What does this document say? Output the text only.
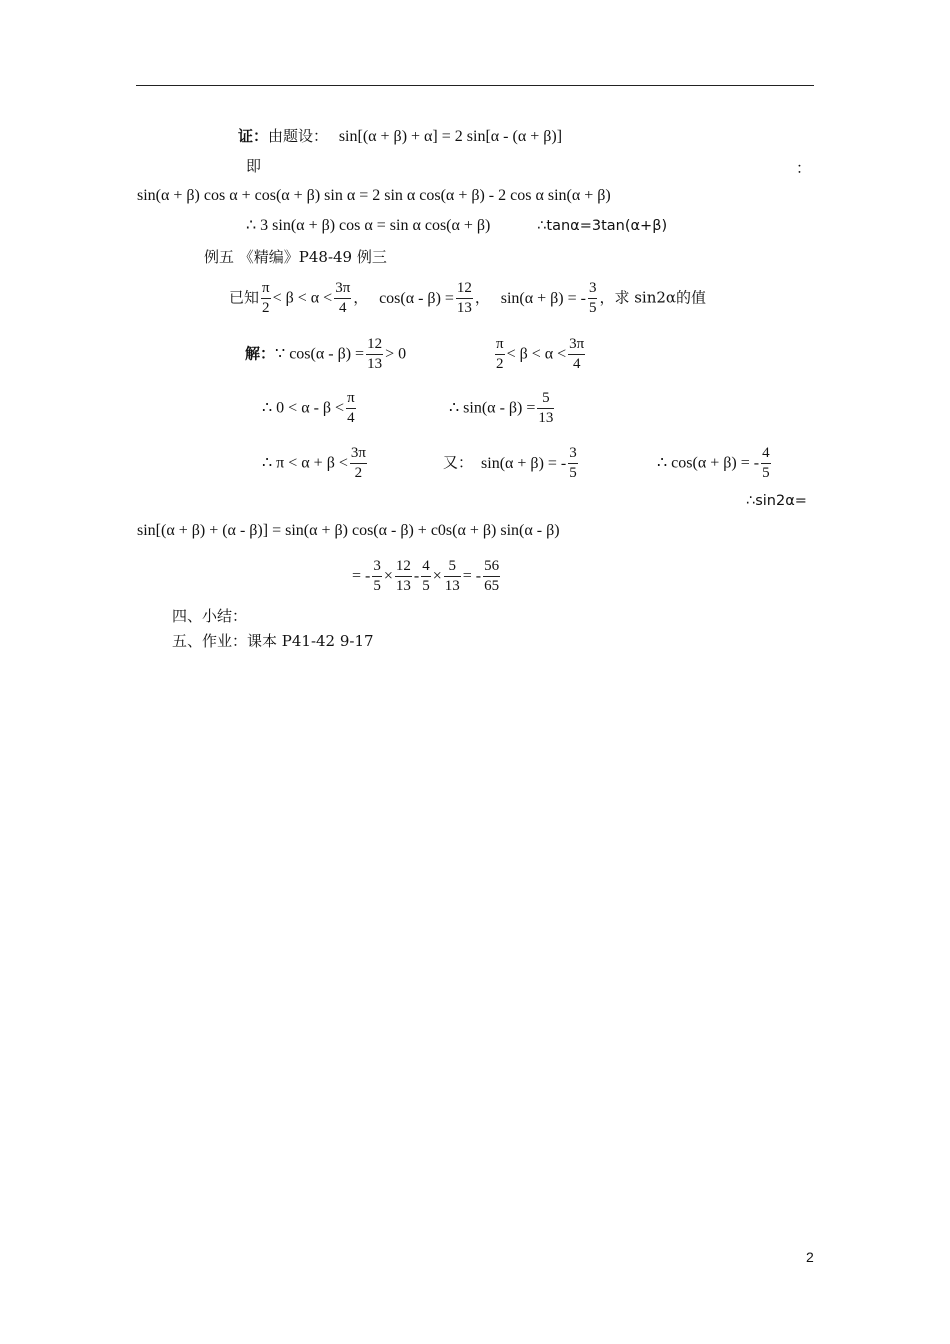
证：由题设： sin[(α + β) + α] = 2 sin[α - (α + β)]
即	：
sin(α + β) cos α + cos(α + β) sin α = 2 sin α cos(α + β) - 2 cos α sin(α + β)
∴ 3 sin(α + β) cos α = sin α cos(α + β)	∴tanα=3tan(α+β)
例五 《精编》P48-49 例三
已知 $\frac{\pi}{2} < \beta < \alpha < \frac{3\pi}{4}$ ， $\cos(\alpha - \beta) = \frac{12}{13}$ ， sin(α + β) = - $\frac{3}{5}$ ，求 sin2α的值
解：∵ $\cos(\alpha - \beta) = \frac{12}{13} > 0$	$\frac{\pi}{2} < \beta < \alpha < \frac{3\pi}{4}$
∴ $0 < \alpha - \beta < \frac{\pi}{4}$	∴ $\sin(\alpha - \beta) = \frac{5}{13}$
∴ $\pi < \alpha + \beta < \frac{3\pi}{2}$	又： sin(α + β) = - $\frac{3}{5}$	∴ cos(α + β) = - $\frac{4}{5}$
∴sin2α=
sin[(α + β) + (α - β)] = sin(α + β) cos(α - β) + c0s(α + β) sin(α - β)
= - $\frac{3}{5} \times \frac{12}{13} - \frac{4}{5} \times \frac{5}{13}$ = - $\frac{56}{65}$
四、小结：
五、作业：课本 P41-42 9-17
2
